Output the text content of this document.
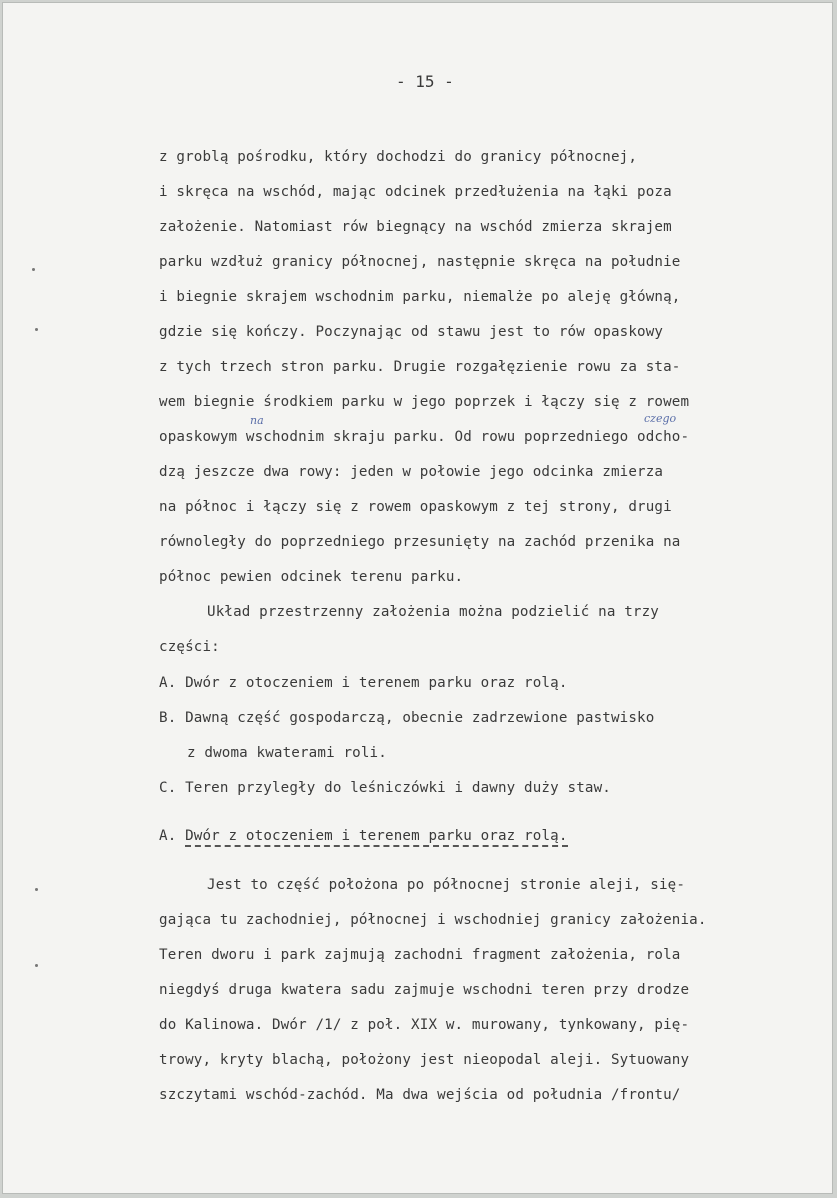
- 15 -
z groblą pośrodku, który dochodzi do granicy północnej,
i skręca na wschód, mając odcinek przedłużenia na łąki poza
założenie. Natomiast rów biegnący na wschód zmierza skrajem
parku wzdłuż granicy północnej, następnie skręca na południe
i biegnie skrajem wschodnim parku, niemalże po aleję główną,
gdzie się kończy. Poczynając od stawu jest to rów opaskowy
z tych trzech stron parku. Drugie rozgałęzienie rowu za sta-
wem biegnie środkiem parku w jego poprzek i łączy się z rowem
opaskowym wschodnim skraju parku. Od rowu poprzedniego odcho-
dzą jeszcze dwa rowy: jeden w połowie jego odcinka zmierza
na północ i łączy się z rowem opaskowym z tej strony, drugi
równoległy do poprzedniego przesunięty na zachód przenika na
północ pewien odcinek terenu parku.
Układ przestrzenny założenia można podzielić na trzy
części:
A. Dwór z otoczeniem i terenem parku oraz rolą.
B. Dawną część gospodarczą, obecnie zadrzewione pastwisko
z dwoma kwaterami roli.
C. Teren przyległy do leśniczówki i dawny duży staw.
A. Dwór z otoczeniem i terenem parku oraz rolą.
Jest to część położona po północnej stronie aleji, się-
gająca tu zachodniej, północnej i wschodniej granicy założenia.
Teren dworu i park zajmują zachodni fragment założenia, rola
niegdyś druga kwatera sadu zajmuje wschodni teren przy drodze
do Kalinowa. Dwór /1/ z poł. XIX w. murowany, tynkowany, pię-
trowy, kryty blachą, położony jest nieopodal aleji. Sytuowany
szczytami wschód-zachód. Ma dwa wejścia od południa /frontu/
na	czego
